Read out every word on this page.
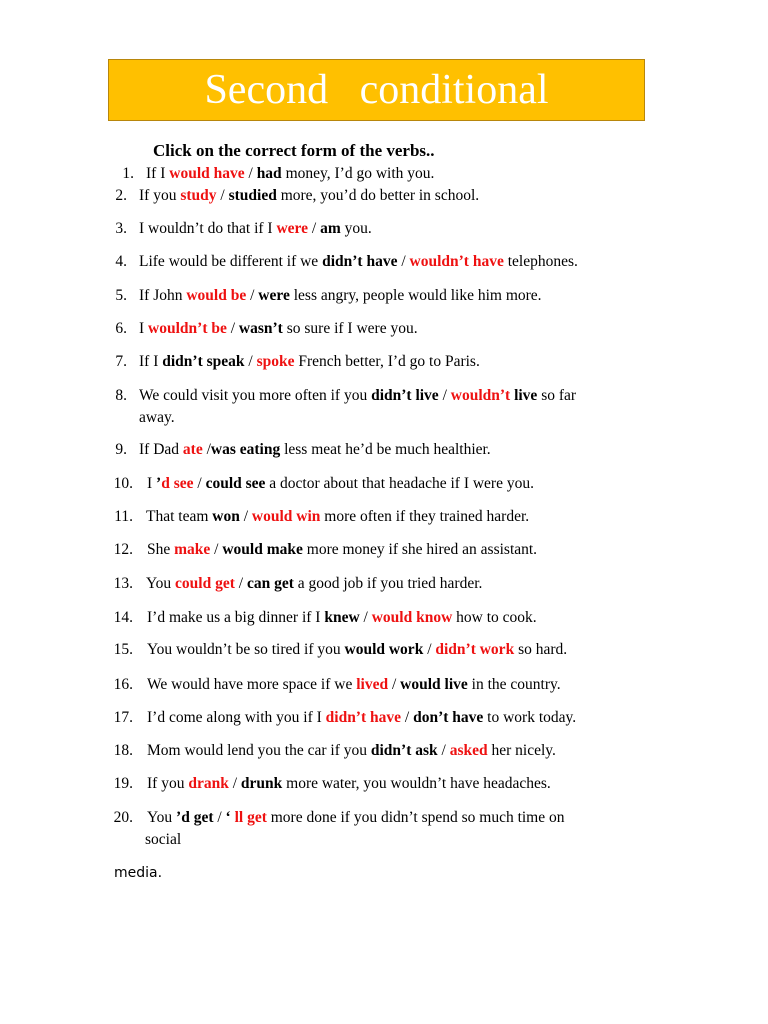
Second   conditional
Click on the correct form of the verbs..
1. If I would have / had money, I’d go with you.
2. If you study / studied more, you’d do better in school.
3. I wouldn’t do that if I were / am you.
4. Life would be different if we didn’t have / wouldn’t have telephones.
5. If John would be / were less angry, people would like him more.
6. I wouldn’t be / wasn’t so sure if I were you.
7. If I didn’t speak / spoke French better, I’d go to Paris.
8. We could visit you more often if you didn’t live / wouldn’t live so far
away.
9. If Dad ate /was eating less meat he’d be much healthier.
10. I ’d see / could see a doctor about that headache if I were you.
11. That team won / would win more often if they trained harder.
12. She make / would make more money if she hired an assistant.
13. You could get / can get a good job if you tried harder.
14. I’d make us a big dinner if I knew / would know how to cook.
15. You wouldn’t be so tired if you would work / didn’t work so hard.
16. We would have more space if we lived / would live in the country.
17. I’d come along with you if I didn’t have / don’t have to work today.
18. Mom would lend you the car if you didn’t ask / asked her nicely.
19. If you drank / drunk more water, you wouldn’t have headaches.
20. You ’d get / ‘ ll get more done if you didn’t spend so much time on
social
media.
